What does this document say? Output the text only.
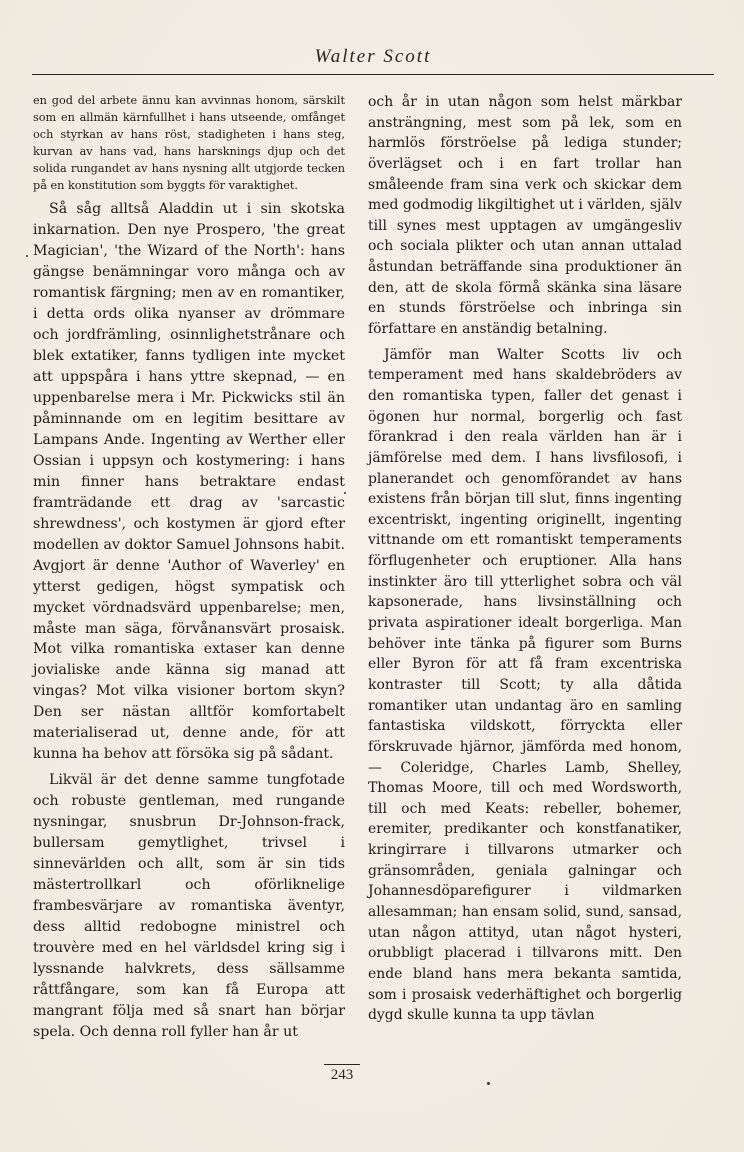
Walter Scott

en god del arbete ännu kan avvinnas honom, särskilt som en allmän kärnfullhet i hans utseende, omfånget och styrkan av hans röst, stadigheten i hans steg, kurvan av hans vad, hans harsknings djup och det solida rungandet av hans nysning allt utgjorde tecken på en konstitution som byggts för varaktighet.

Så såg alltså Aladdin ut i sin skotska inkarnation. Den nye Prospero, 'the great Magician', 'the Wizard of the North': hans gängse benämningar voro många och av romantisk färgning; men av en romantiker, i detta ords olika nyanser av drömmare och jordfrämling, osinnlighetstrånare och blek extatiker, fanns tydligen inte mycket att uppspåra i hans yttre skepnad, — en uppenbarelse mera i Mr. Pickwicks stil än påminnande om en legitim besittare av Lampans Ande. Ingenting av Werther eller Ossian i uppsyn och kostymering: i hans min finner hans betraktare endast framträdande ett drag av 'sarcastic shrewdness', och kostymen är gjord efter modellen av doktor Samuel Johnsons habit. Avgjort är denne 'Author of Waverley' en ytterst gedigen, högst sympatisk och mycket vördnadsvärd uppenbarelse; men, måste man säga, förvånansvärt prosaisk. Mot vilka romantiska extaser kan denne jovialiske ande känna sig manad att vingas? Mot vilka visioner bortom skyn? Den ser nästan alltför komfortabelt materialiserad ut, denne ande, för att kunna ha behov att försöka sig på sådant.

Likväl är det denne samme tungfotade och robuste gentleman, med rungande nysningar, snusbrun Dr-Johnson-frack, bullersam gemytlighet, trivsel i sinnevärlden och allt, som är sin tids mästertrollkarl och oförliknelige frambesvärjare av romantiska äventyr, dess alltid redobogne ministrel och trouvère med en hel världsdel kring sig i lyssnande halvkrets, dess sällsamme råttfångare, som kan få Europa att mangrant följa med så snart han börjar spela. Och denna roll fyller han år ut

och år in utan någon som helst märkbar ansträngning, mest som på lek, som en harmlös förströelse på lediga stunder; överlägset och i en fart trollar han småleende fram sina verk och skickar dem med godmodig likgiltighet ut i världen, själv till synes mest upptagen av umgängesliv och sociala plikter och utan annan uttalad åstundan beträffande sina produktioner än den, att de skola förmå skänka sina läsare en stunds förströelse och inbringa sin författare en anständig betalning.

Jämför man Walter Scotts liv och temperament med hans skaldebröders av den romantiska typen, faller det genast i ögonen hur normal, borgerlig och fast förankrad i den reala världen han är i jämförelse med dem. I hans livsfilosofi, i planerandet och genomförandet av hans existens från början till slut, finns ingenting excentriskt, ingenting originellt, ingenting vittnande om ett romantiskt temperaments förflugenheter och eruptioner. Alla hans instinkter äro till ytterlighet sobra och väl kapsonerade, hans livsinställning och privata aspirationer idealt borgerliga. Man behöver inte tänka på figurer som Burns eller Byron för att få fram excentriska kontraster till Scott; ty alla dåtida romantiker utan undantag äro en samling fantastiska vildskott, förryckta eller förskruvade hjärnor, jämförda med honom, — Coleridge, Charles Lamb, Shelley, Thomas Moore, till och med Wordsworth, till och med Keats: rebeller, bohemer, eremiter, predikanter och konstfanatiker, kringirrare i tillvarons utmarker och gränsområden, geniala galningar och Johannesdöparefigurer i vildmarken allesamman; han ensam solid, sund, sansad, utan någon attityd, utan något hysteri, orubbligt placerad i tillvarons mitt. Den ende bland hans mera bekanta samtida, som i prosaisk vederhäftighet och borgerlig dygd skulle kunna ta upp tävlan

243
